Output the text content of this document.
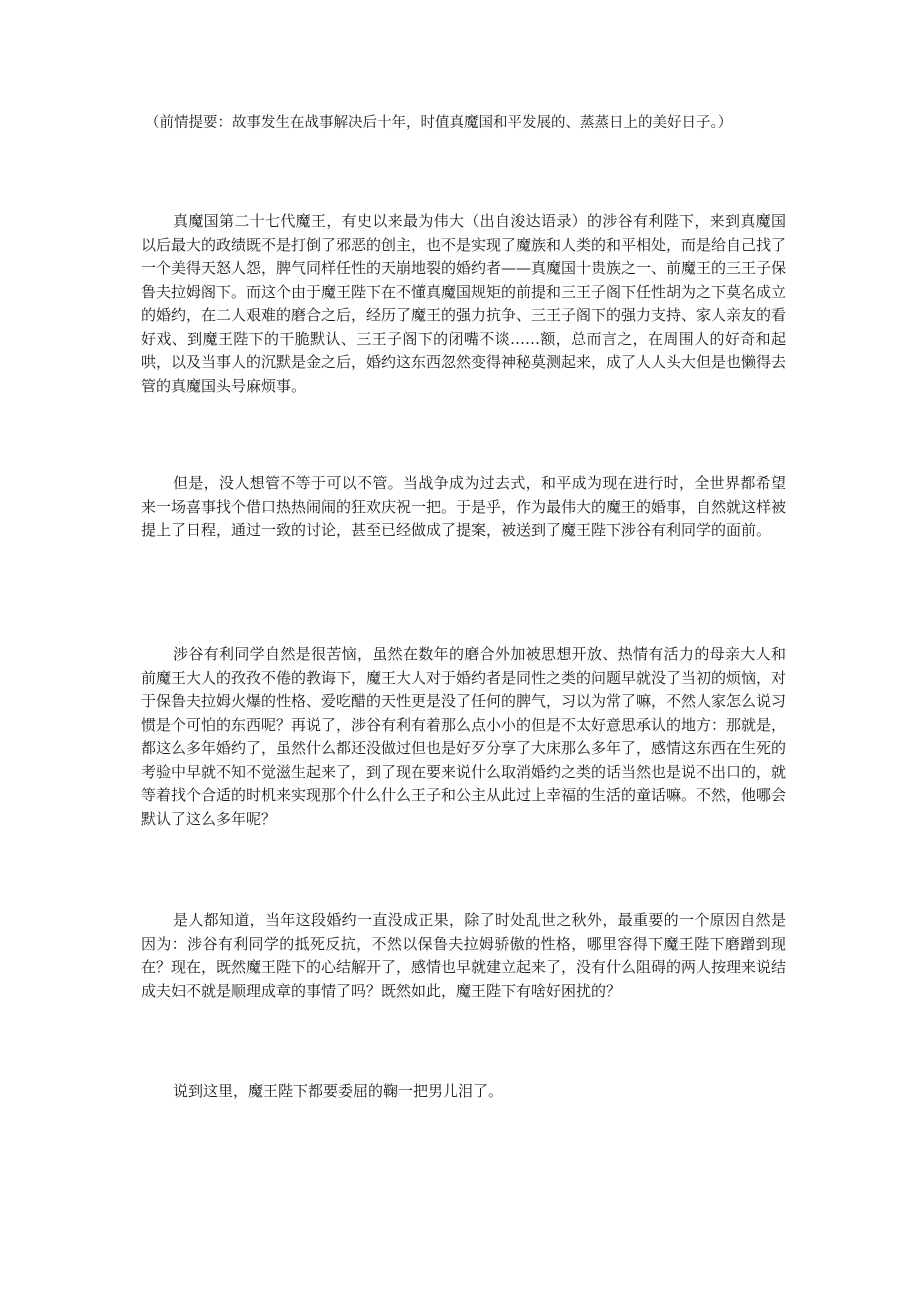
（前情提要：故事发生在战事解决后十年，时值真魔国和平发展的、蒸蒸日上的美好日子。）

真魔国第二十七代魔王，有史以来最为伟大（出自浚达语录）的涉谷有利陛下，来到真魔国以后最大的政绩既不是打倒了邪恶的创主，也不是实现了魔族和人类的和平相处，而是给自己找了一个美得天怒人怨，脾气同样任性的天崩地裂的婚约者——真魔国十贵族之一、前魔王的三王子保鲁夫拉姆阁下。而这个由于魔王陛下在不懂真魔国规矩的前提和三王子阁下任性胡为之下莫名成立的婚约，在二人艰难的磨合之后，经历了魔王的强力抗争、三王子阁下的强力支持、家人亲友的看好戏、到魔王陛下的干脆默认、三王子阁下的闭嘴不谈……额，总而言之，在周围人的好奇和起哄，以及当事人的沉默是金之后，婚约这东西忽然变得神秘莫测起来，成了人人头大但是也懒得去管的真魔国头号麻烦事。

但是，没人想管不等于可以不管。当战争成为过去式，和平成为现在进行时，全世界都希望来一场喜事找个借口热热闹闹的狂欢庆祝一把。于是乎，作为最伟大的魔王的婚事，自然就这样被提上了日程，通过一致的讨论，甚至已经做成了提案，被送到了魔王陛下涉谷有利同学的面前。

涉谷有利同学自然是很苦恼，虽然在数年的磨合外加被思想开放、热情有活力的母亲大人和前魔王大人的孜孜不倦的教诲下，魔王大人对于婚约者是同性之类的问题早就没了当初的烦恼，对于保鲁夫拉姆火爆的性格、爱吃醋的天性更是没了任何的脾气，习以为常了嘛，不然人家怎么说习惯是个可怕的东西呢？再说了，涉谷有利有着那么点小小的但是不太好意思承认的地方：那就是，都这么多年婚约了，虽然什么都还没做过但也是好歹分享了大床那么多年了，感情这东西在生死的考验中早就不知不觉滋生起来了，到了现在要来说什么取消婚约之类的话当然也是说不出口的，就等着找个合适的时机来实现那个什么什么王子和公主从此过上幸福的生活的童话嘛。不然，他哪会默认了这么多年呢？

是人都知道，当年这段婚约一直没成正果，除了时处乱世之秋外，最重要的一个原因自然是因为：涉谷有利同学的抵死反抗，不然以保鲁夫拉姆骄傲的性格，哪里容得下魔王陛下磨蹭到现在？现在，既然魔王陛下的心结解开了，感情也早就建立起来了，没有什么阻碍的两人按理来说结成夫妇不就是顺理成章的事情了吗？既然如此，魔王陛下有啥好困扰的？

说到这里，魔王陛下都要委屈的鞠一把男儿泪了。
